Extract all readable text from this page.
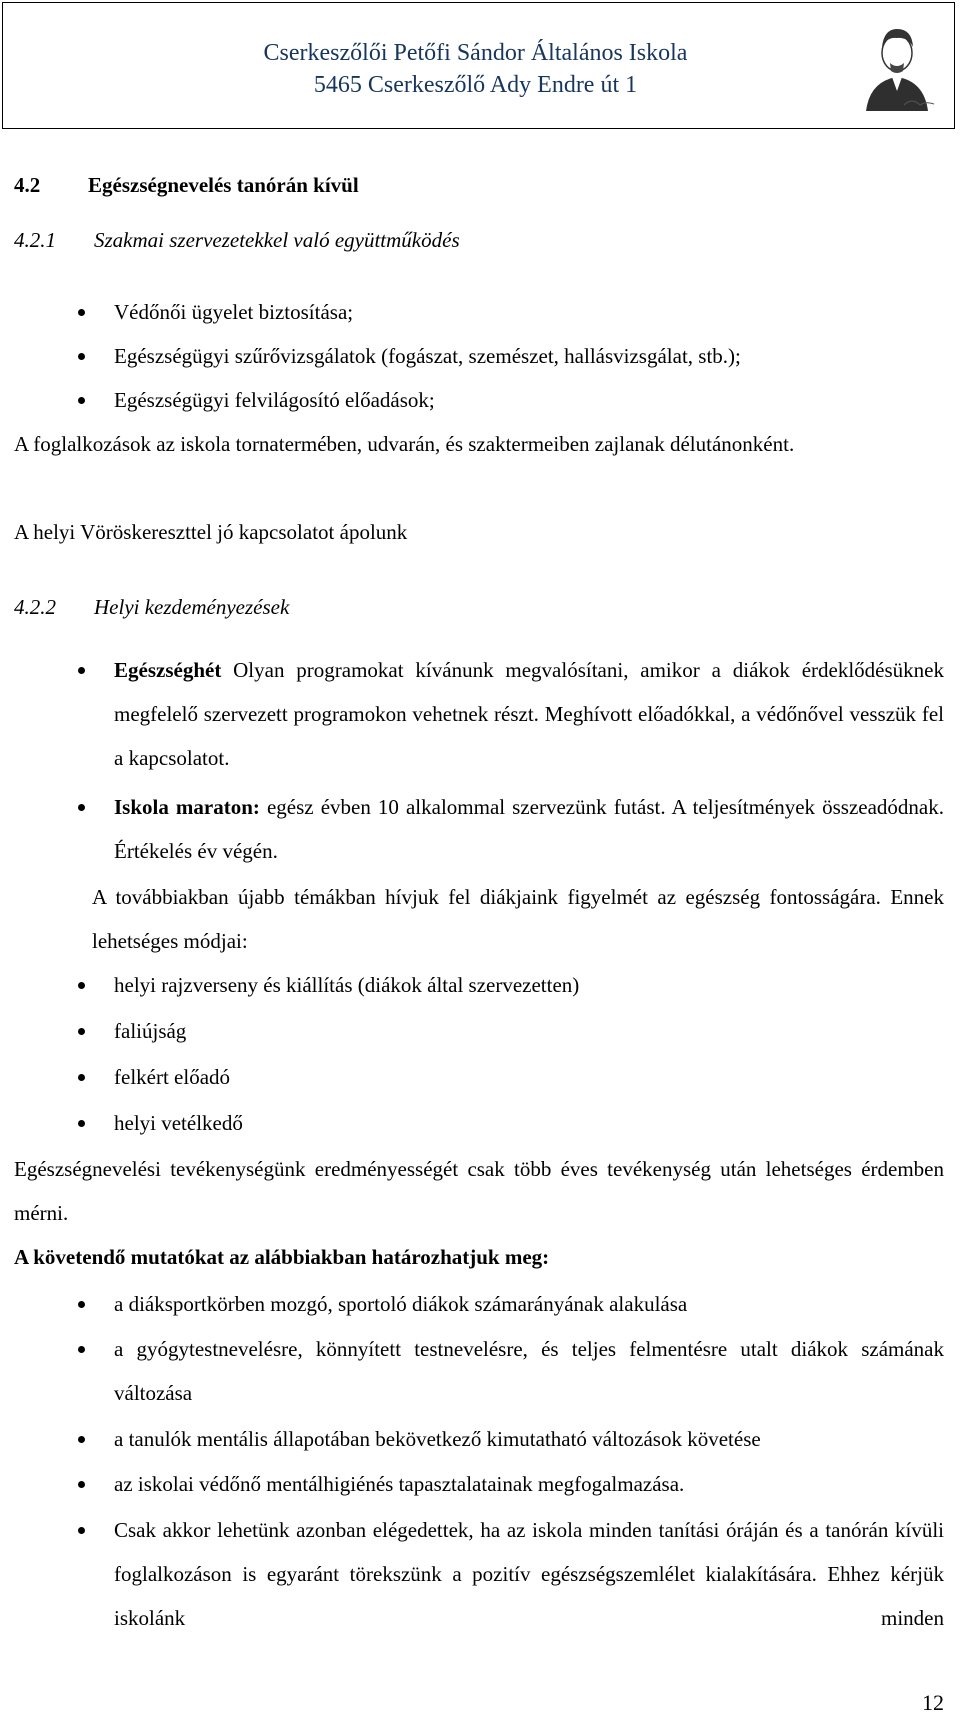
Cserkeszőlői Petőfi Sándor Általános Iskola
5465 Cserkeszőlő Ady Endre út 1
4.2 Egészségnevelés tanórán kívül
4.2.1 Szakmai szervezetekkel való együttműködés

Védőnői ügyelet biztosítása;

Egészségügyi szűrővizsgálatok (fogászat, szemészet, hallásvizsgálat, stb.);

Egészségügyi felvilágosító előadások;

A foglalkozások az iskola tornatermében, udvarán, és szaktermeiben zajlanak délutánonként.

A helyi Vöröskereszttel jó kapcsolatot ápolunk

4.2.2 Helyi kezdeményezések

Egészséghét Olyan programokat kívánunk megvalósítani, amikor a diákok érdeklődésüknek megfelelő szervezett programokon vehetnek részt. Meghívott előadókkal, a védőnővel vesszük fel a kapcsolatot.

Iskola maraton: egész évben 10 alkalommal szervezünk futást. A teljesítmények összeadódnak. Értékelés év végén.

A továbbiakban újabb témákban hívjuk fel diákjaink figyelmét az egészség fontosságára. Ennek lehetséges módjai:

helyi rajzverseny és kiállítás (diákok által szervezetten)

faliújság

felkért előadó

helyi vetélkedő

Egészségnevelési tevékenységünk eredményességét csak több éves tevékenység után lehetséges érdemben mérni.

A követendő mutatókat az alábbiakban határozhatjuk meg:

a diáksportkörben mozgó, sportoló diákok számarányának alakulása

a gyógytestnevelésre, könnyített testnevelésre, és teljes felmentésre utalt diákok számának változása

a tanulók mentális állapotában bekövetkező kimutatható változások követése

az iskolai védőnő mentálhigiénés tapasztalatainak megfogalmazása.

Csak akkor lehetünk azonban elégedettek, ha az iskola minden tanítási óráján és a tanórán kívüli foglalkozáson is egyaránt törekszünk a pozitív egészségszemlélet kialakítására. Ehhez kérjük iskolánk minden

12
